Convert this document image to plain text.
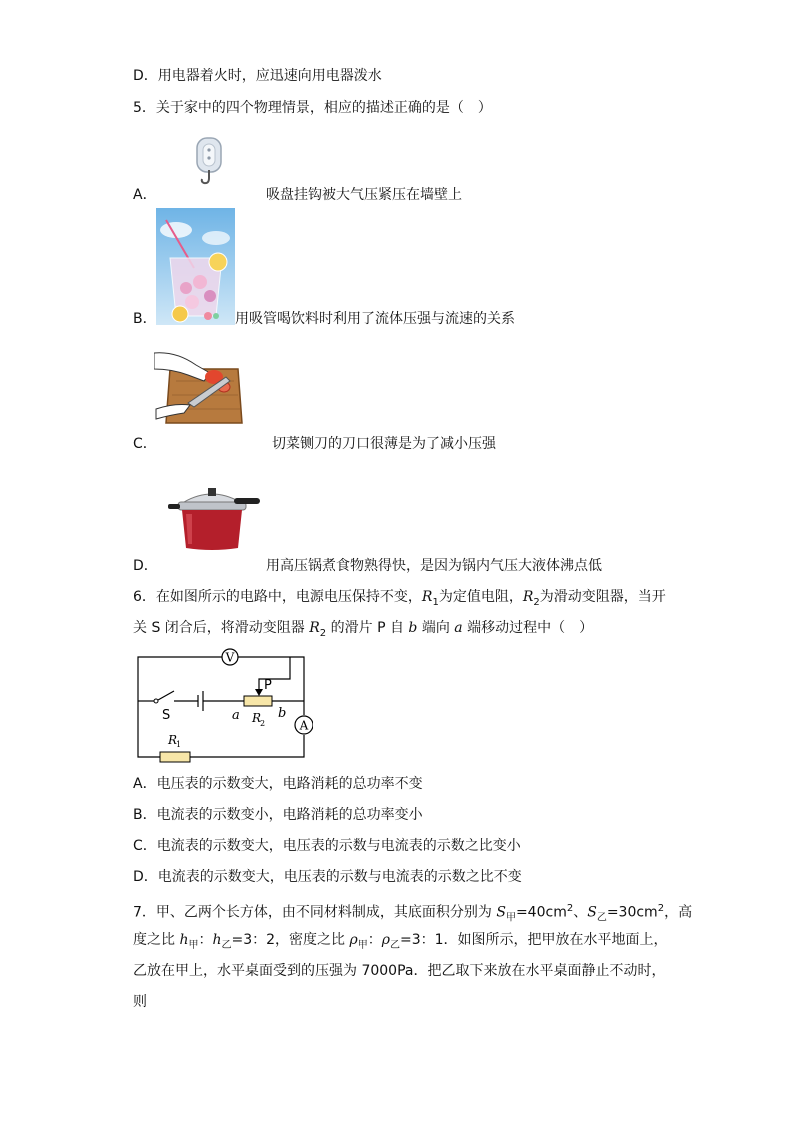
D．用电器着火时，应迅速向用电器泼水
5．关于家中的四个物理情景，相应的描述正确的是（　）
A．	吸盘挂钩被大气压紧压在墙壁上
B．	用吸管喝饮料时利用了流体压强与流速的关系
C．	切菜铡刀的刀口很薄是为了减小压强
D．	用高压锅煮食物熟得快，是因为锅内气压大液体沸点低
6．在如图所示的电路中，电源电压保持不变，$R_1$为定值电阻，$R_2$为滑动变阻器，当开
关 S 闭合后，将滑动变阻器 $R_2$ 的滑片 P 自 b 端向 a 端移动过程中（　）
V
P
S	a	b
R
2	A
R
1
A．电压表的示数变大，电路消耗的总功率不变
B．电流表的示数变小，电路消耗的总功率变小
C．电流表的示数变大，电压表的示数与电流表的示数之比变小
D．电流表的示数变大，电压表的示数与电流表的示数之比不变
7．甲、乙两个长方体，由不同材料制成，其底面积分别为 $S_甲=40cm^2$、$S_乙=30cm^2$，高
度之比 $h_甲$：$h_乙=3$：2，密度之比 $\rho_甲$：$\rho_乙=3$：1．如图所示，把甲放在水平地面上，
乙放在甲上，水平桌面受到的压强为 7000Pa．把乙取下来放在水平桌面静止不动时，
则
